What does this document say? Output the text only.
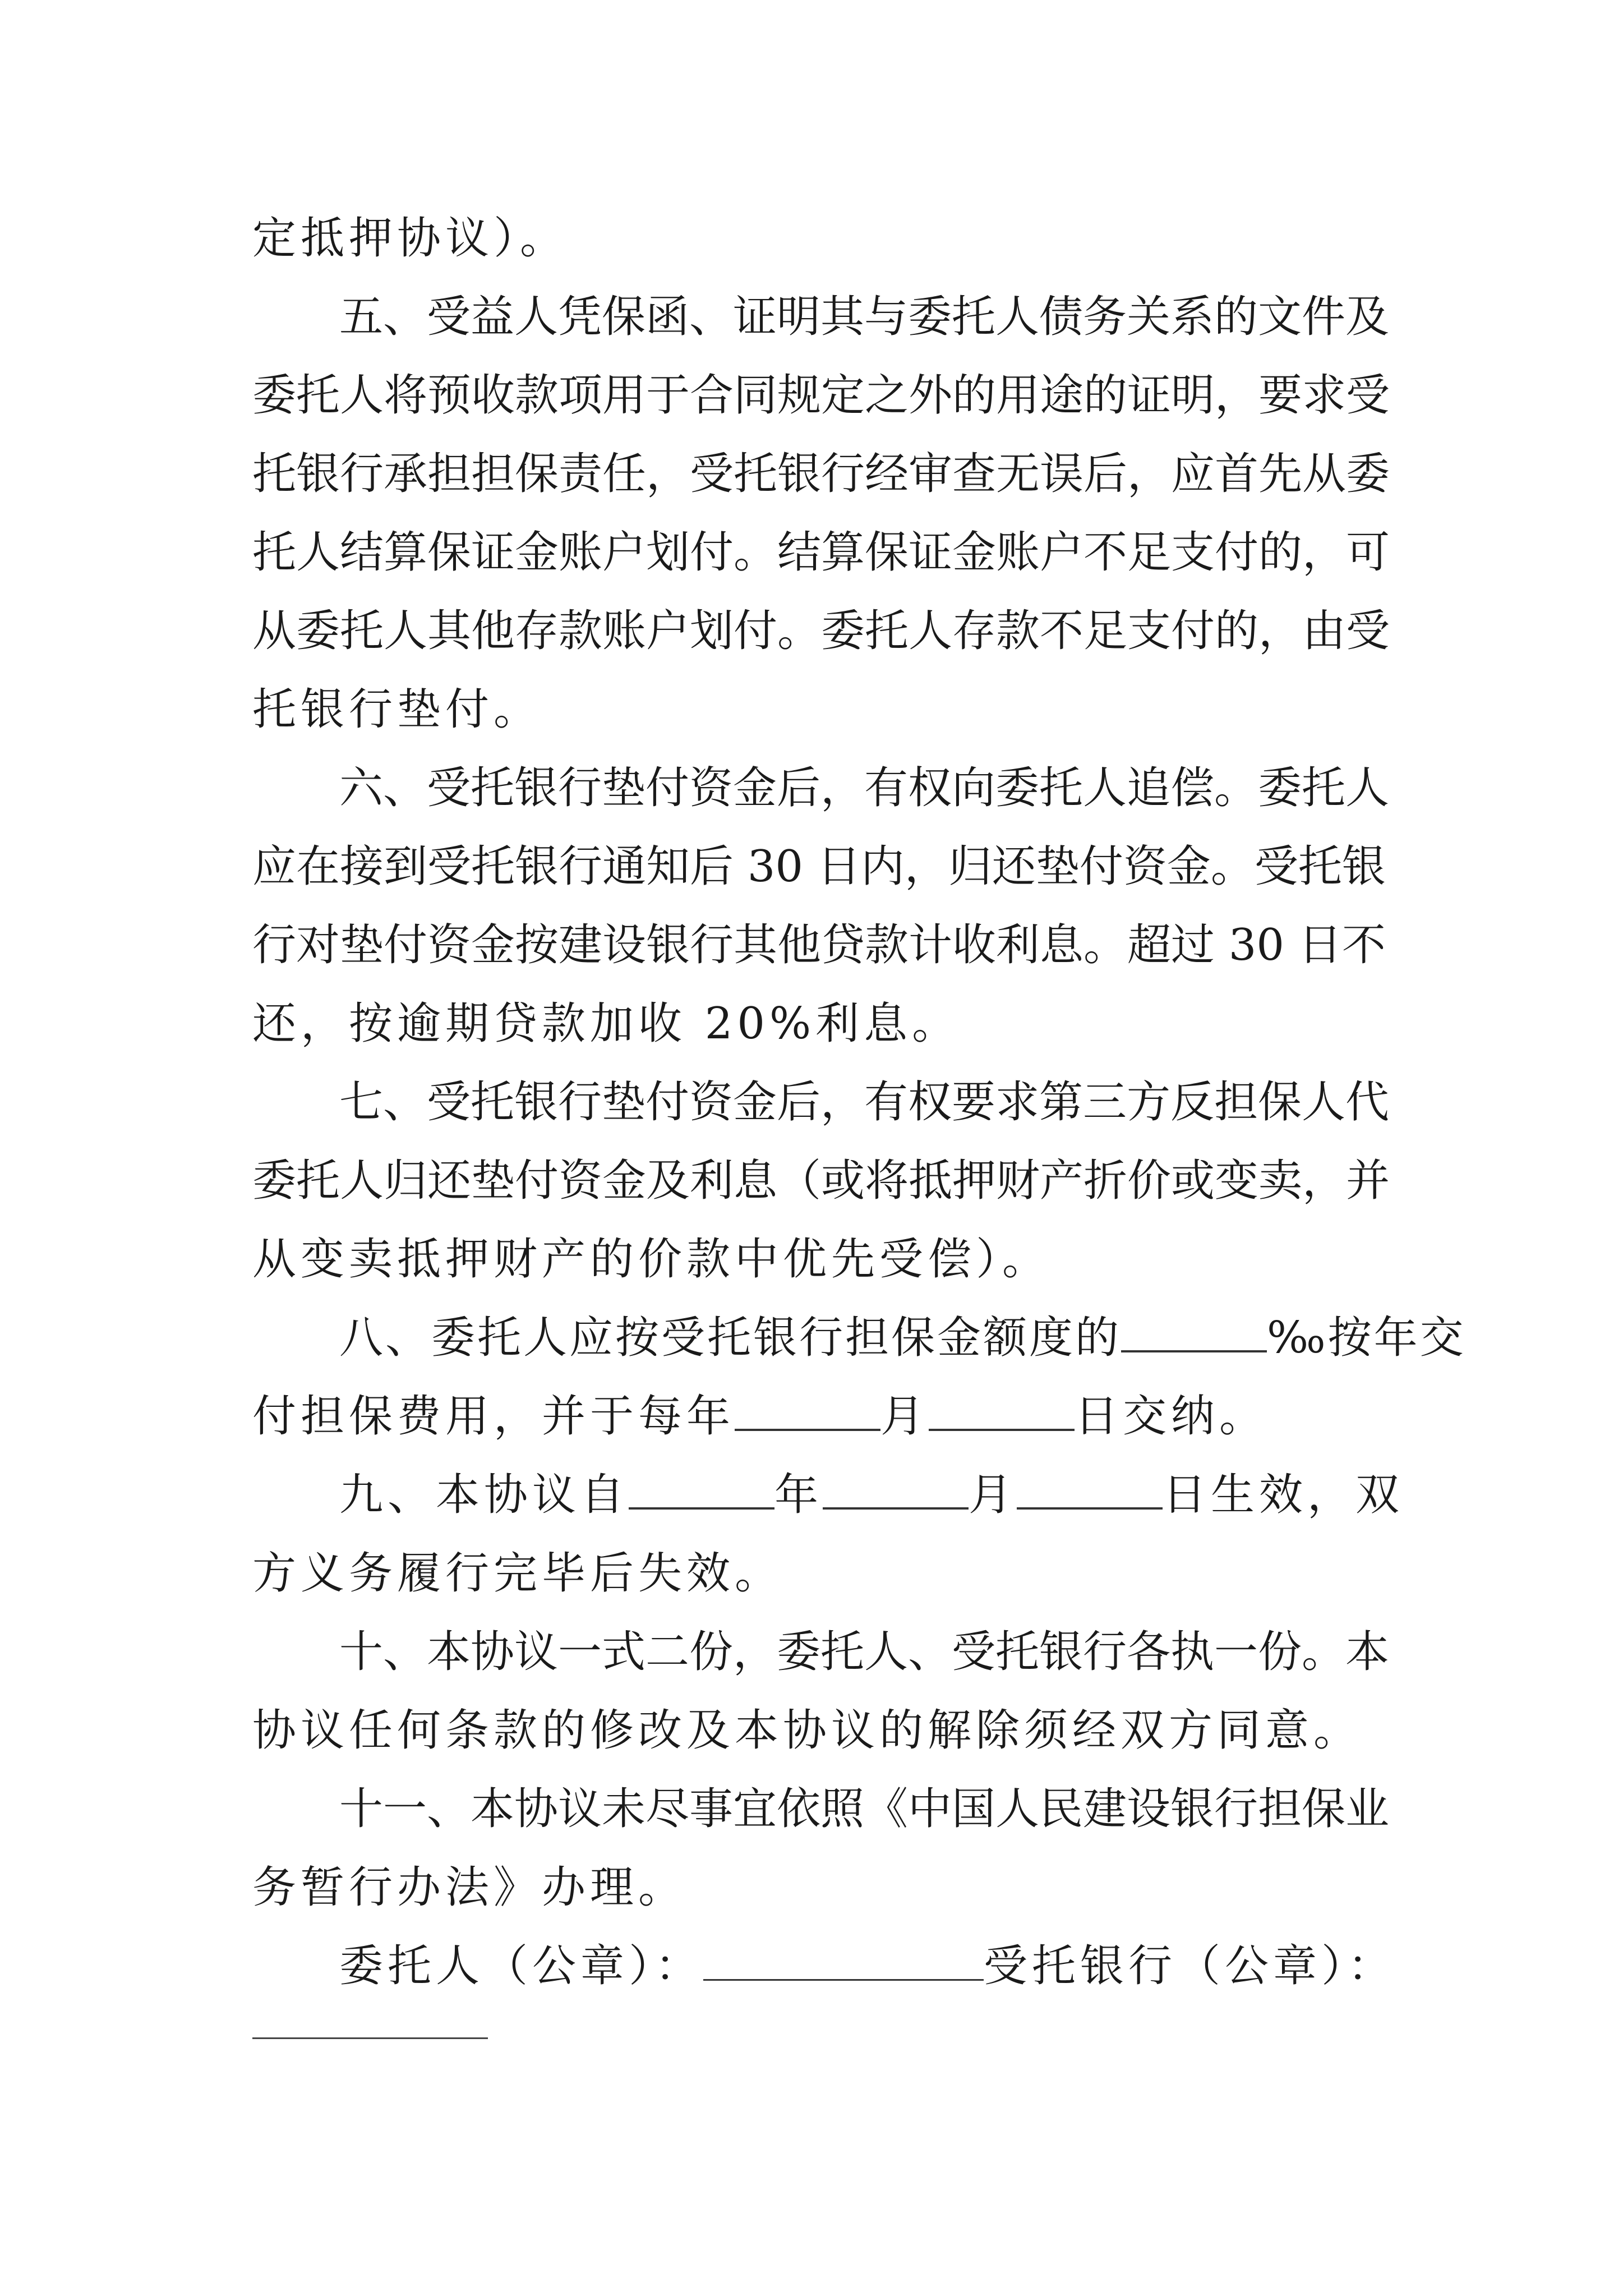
定抵押协议）。
五、受益人凭保函、证明其与委托人债务关系的文件及
委托人将预收款项用于合同规定之外的用途的证明，要求受
托银行承担担保责任，受托银行经审查无误后，应首先从委
托人结算保证金账户划付。结算保证金账户不足支付的，可
从委托人其他存款账户划付。委托人存款不足支付的，由受
托银行垫付。
六、受托银行垫付资金后，有权向委托人追偿。委托人
应在接到受托银行通知后 30 日内，归还垫付资金。受托银
行对垫付资金按建设银行其他贷款计收利息。超过 30 日不
还，按逾期贷款加收 20%利息。
七、受托银行垫付资金后，有权要求第三方反担保人代
委托人归还垫付资金及利息（或将抵押财产折价或变卖，并
从变卖抵押财产的价款中优先受偿）。
八、委托人应按受托银行担保金额度的	‰按年交
付担保费用，并于每年	月	日交纳。
九、本协议自	年	月	日生效，双
方义务履行完毕后失效。
十、本协议一式二份，委托人、受托银行各执一份。本
协议任何条款的修改及本协议的解除须经双方同意。
十一、本协议未尽事宜依照《中国人民建设银行担保业
务暂行办法》办理。
委托人（公章）：	受托银行（公章）：
